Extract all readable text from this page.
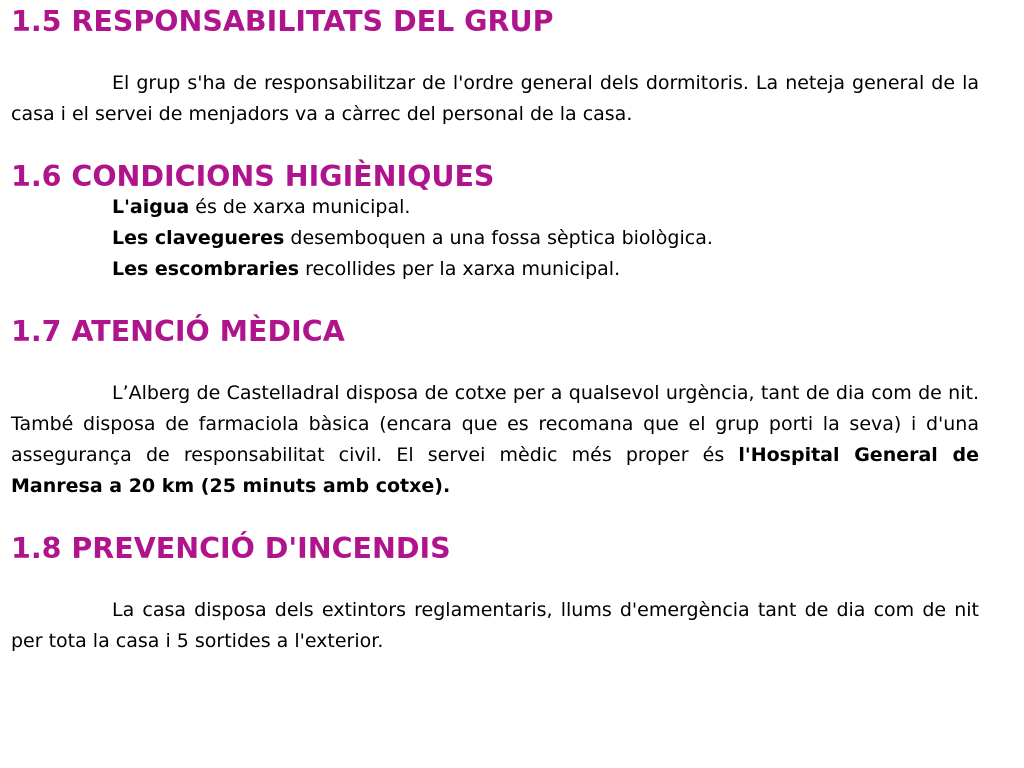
1.5 RESPONSABILITATS DEL GRUP

El grup s'ha de responsabilitzar de l'ordre general dels dormitoris. La neteja general de la casa i el servei de menjadors va a càrrec del personal de la casa.

1.6 CONDICIONS HIGIÈNIQUES

L'aigua és de xarxa municipal.

Les clavegueres desemboquen a una fossa sèptica biològica.

Les escombraries recollides per la xarxa municipal.

1.7 ATENCIÓ MÈDICA

L’Alberg de Castelladral disposa de cotxe per a qualsevol urgència, tant de dia com de nit. També disposa de farmaciola bàsica (encara que es recomana que el grup porti la seva) i d'una assegurança de responsabilitat civil. El servei mèdic més proper és l'Hospital General de Manresa a 20 km (25 minuts amb cotxe).

1.8 PREVENCIÓ D'INCENDIS

La casa disposa dels extintors reglamentaris, llums d'emergència tant de dia com de nit per tota la casa i 5 sortides a l'exterior.
